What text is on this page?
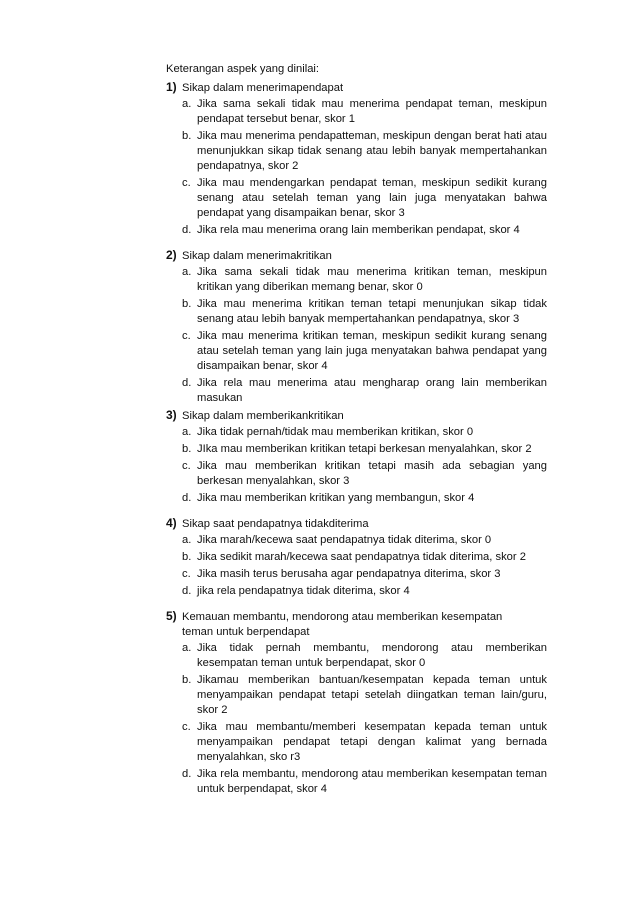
Keterangan aspek yang dinilai:

1) Sikap dalam menerimapendapat
a. Jika sama sekali tidak mau menerima pendapat teman, meskipun pendapat tersebut benar, skor 1
b. Jika mau menerima pendapatteman, meskipun dengan berat hati atau menunjukkan sikap tidak senang atau lebih banyak mempertahankan pendapatnya, skor 2
c. Jika mau mendengarkan pendapat teman, meskipun sedikit kurang senang atau setelah teman yang lain juga menyatakan bahwa pendapat yang disampaikan benar, skor 3
d. Jika rela mau menerima orang lain memberikan pendapat, skor 4
2) Sikap dalam menerimakritikan
a. Jika sama sekali tidak mau menerima kritikan teman, meskipun kritikan yang diberikan memang benar, skor 0
b. Jika mau menerima kritikan teman tetapi menunjukan sikap tidak senang atau lebih banyak mempertahankan pendapatnya, skor 3
c. Jika mau menerima kritikan teman, meskipun sedikit kurang senang atau setelah teman yang lain juga menyatakan bahwa pendapat yang disampaikan benar, skor 4
d. Jika rela mau menerima atau mengharap orang lain memberikan masukan
3) Sikap dalam memberikankritikan
a. Jika tidak pernah/tidak mau memberikan kritikan, skor 0
b. JIka mau memberikan kritikan tetapi berkesan menyalahkan, skor 2
c. Jika mau memberikan kritikan tetapi masih ada sebagian yang berkesan menyalahkan, skor 3
d. Jika mau memberikan kritikan yang membangun, skor 4
4) Sikap saat pendapatnya tidakditerima
a. Jika marah/kecewa saat pendapatnya tidak diterima, skor 0
b. Jika sedikit marah/kecewa saat pendapatnya tidak diterima, skor 2
c. Jika masih terus berusaha agar pendapatnya diterima, skor 3
d. jika rela pendapatnya tidak diterima, skor 4
5) Kemauan membantu, mendorong atau memberikan kesempatan
teman untuk berpendapat
a. Jika tidak pernah membantu, mendorong atau memberikan kesempatan teman untuk berpendapat, skor 0
b. Jikamau memberikan bantuan/kesempatan kepada teman untuk menyampaikan pendapat tetapi setelah diingatkan teman lain/guru, skor 2
c. Jika mau membantu/memberi kesempatan kepada teman untuk menyampaikan pendapat tetapi dengan kalimat yang bernada menyalahkan, sko r3
d. Jika rela membantu, mendorong atau memberikan kesempatan teman untuk berpendapat, skor 4
